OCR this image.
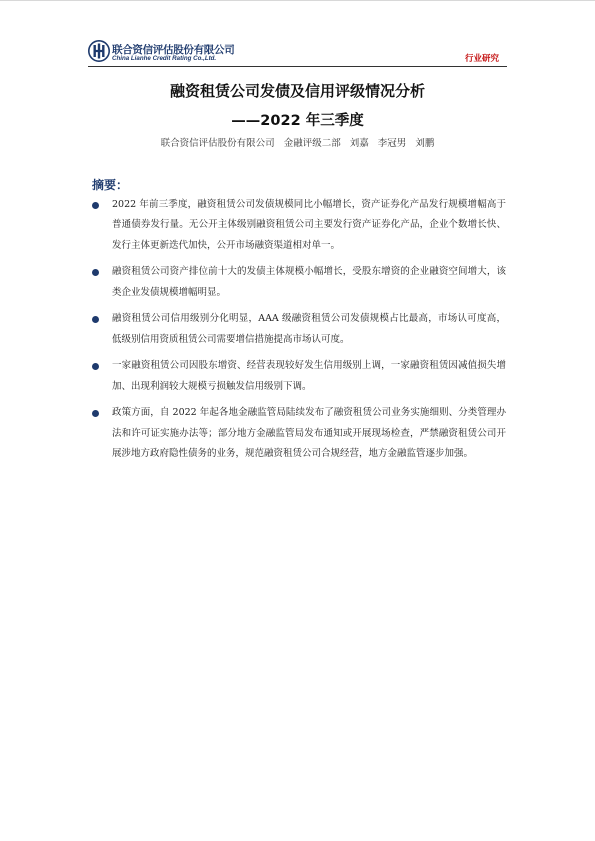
联合资信评估股份有限公司
China Lianhe Credit Rating Co.,Ltd.	行业研究
融资租赁公司发债及信用评级情况分析
——2022 年三季度
联合资信评估股份有限公司 金融评级二部 刘嘉 李冠男 刘鹏
摘要：
2022 年前三季度，融资租赁公司发债规模同比小幅增长，资产证券化产品发行规模增幅高于普通债券发行量。无公开主体级别融资租赁公司主要发行资产证券化产品，企业个数增长快、发行主体更新迭代加快，公开市场融资渠道相对单一。
融资租赁公司资产排位前十大的发债主体规模小幅增长，受股东增资的企业融资空间增大，该类企业发债规模增幅明显。
融资租赁公司信用级别分化明显，AAA 级融资租赁公司发债规模占比最高，市场认可度高，低级别信用资质租赁公司需要增信措施提高市场认可度。
一家融资租赁公司因股东增资、经营表现较好发生信用级别上调，一家融资租赁因减值损失增加、出现利润较大规模亏损触发信用级别下调。
政策方面，自 2022 年起各地金融监管局陆续发布了融资租赁公司业务实施细则、分类管理办法和许可证实施办法等；部分地方金融监管局发布通知或开展现场检查，严禁融资租赁公司开展涉地方政府隐性债务的业务，规范融资租赁公司合规经营，地方金融监管逐步加强。
